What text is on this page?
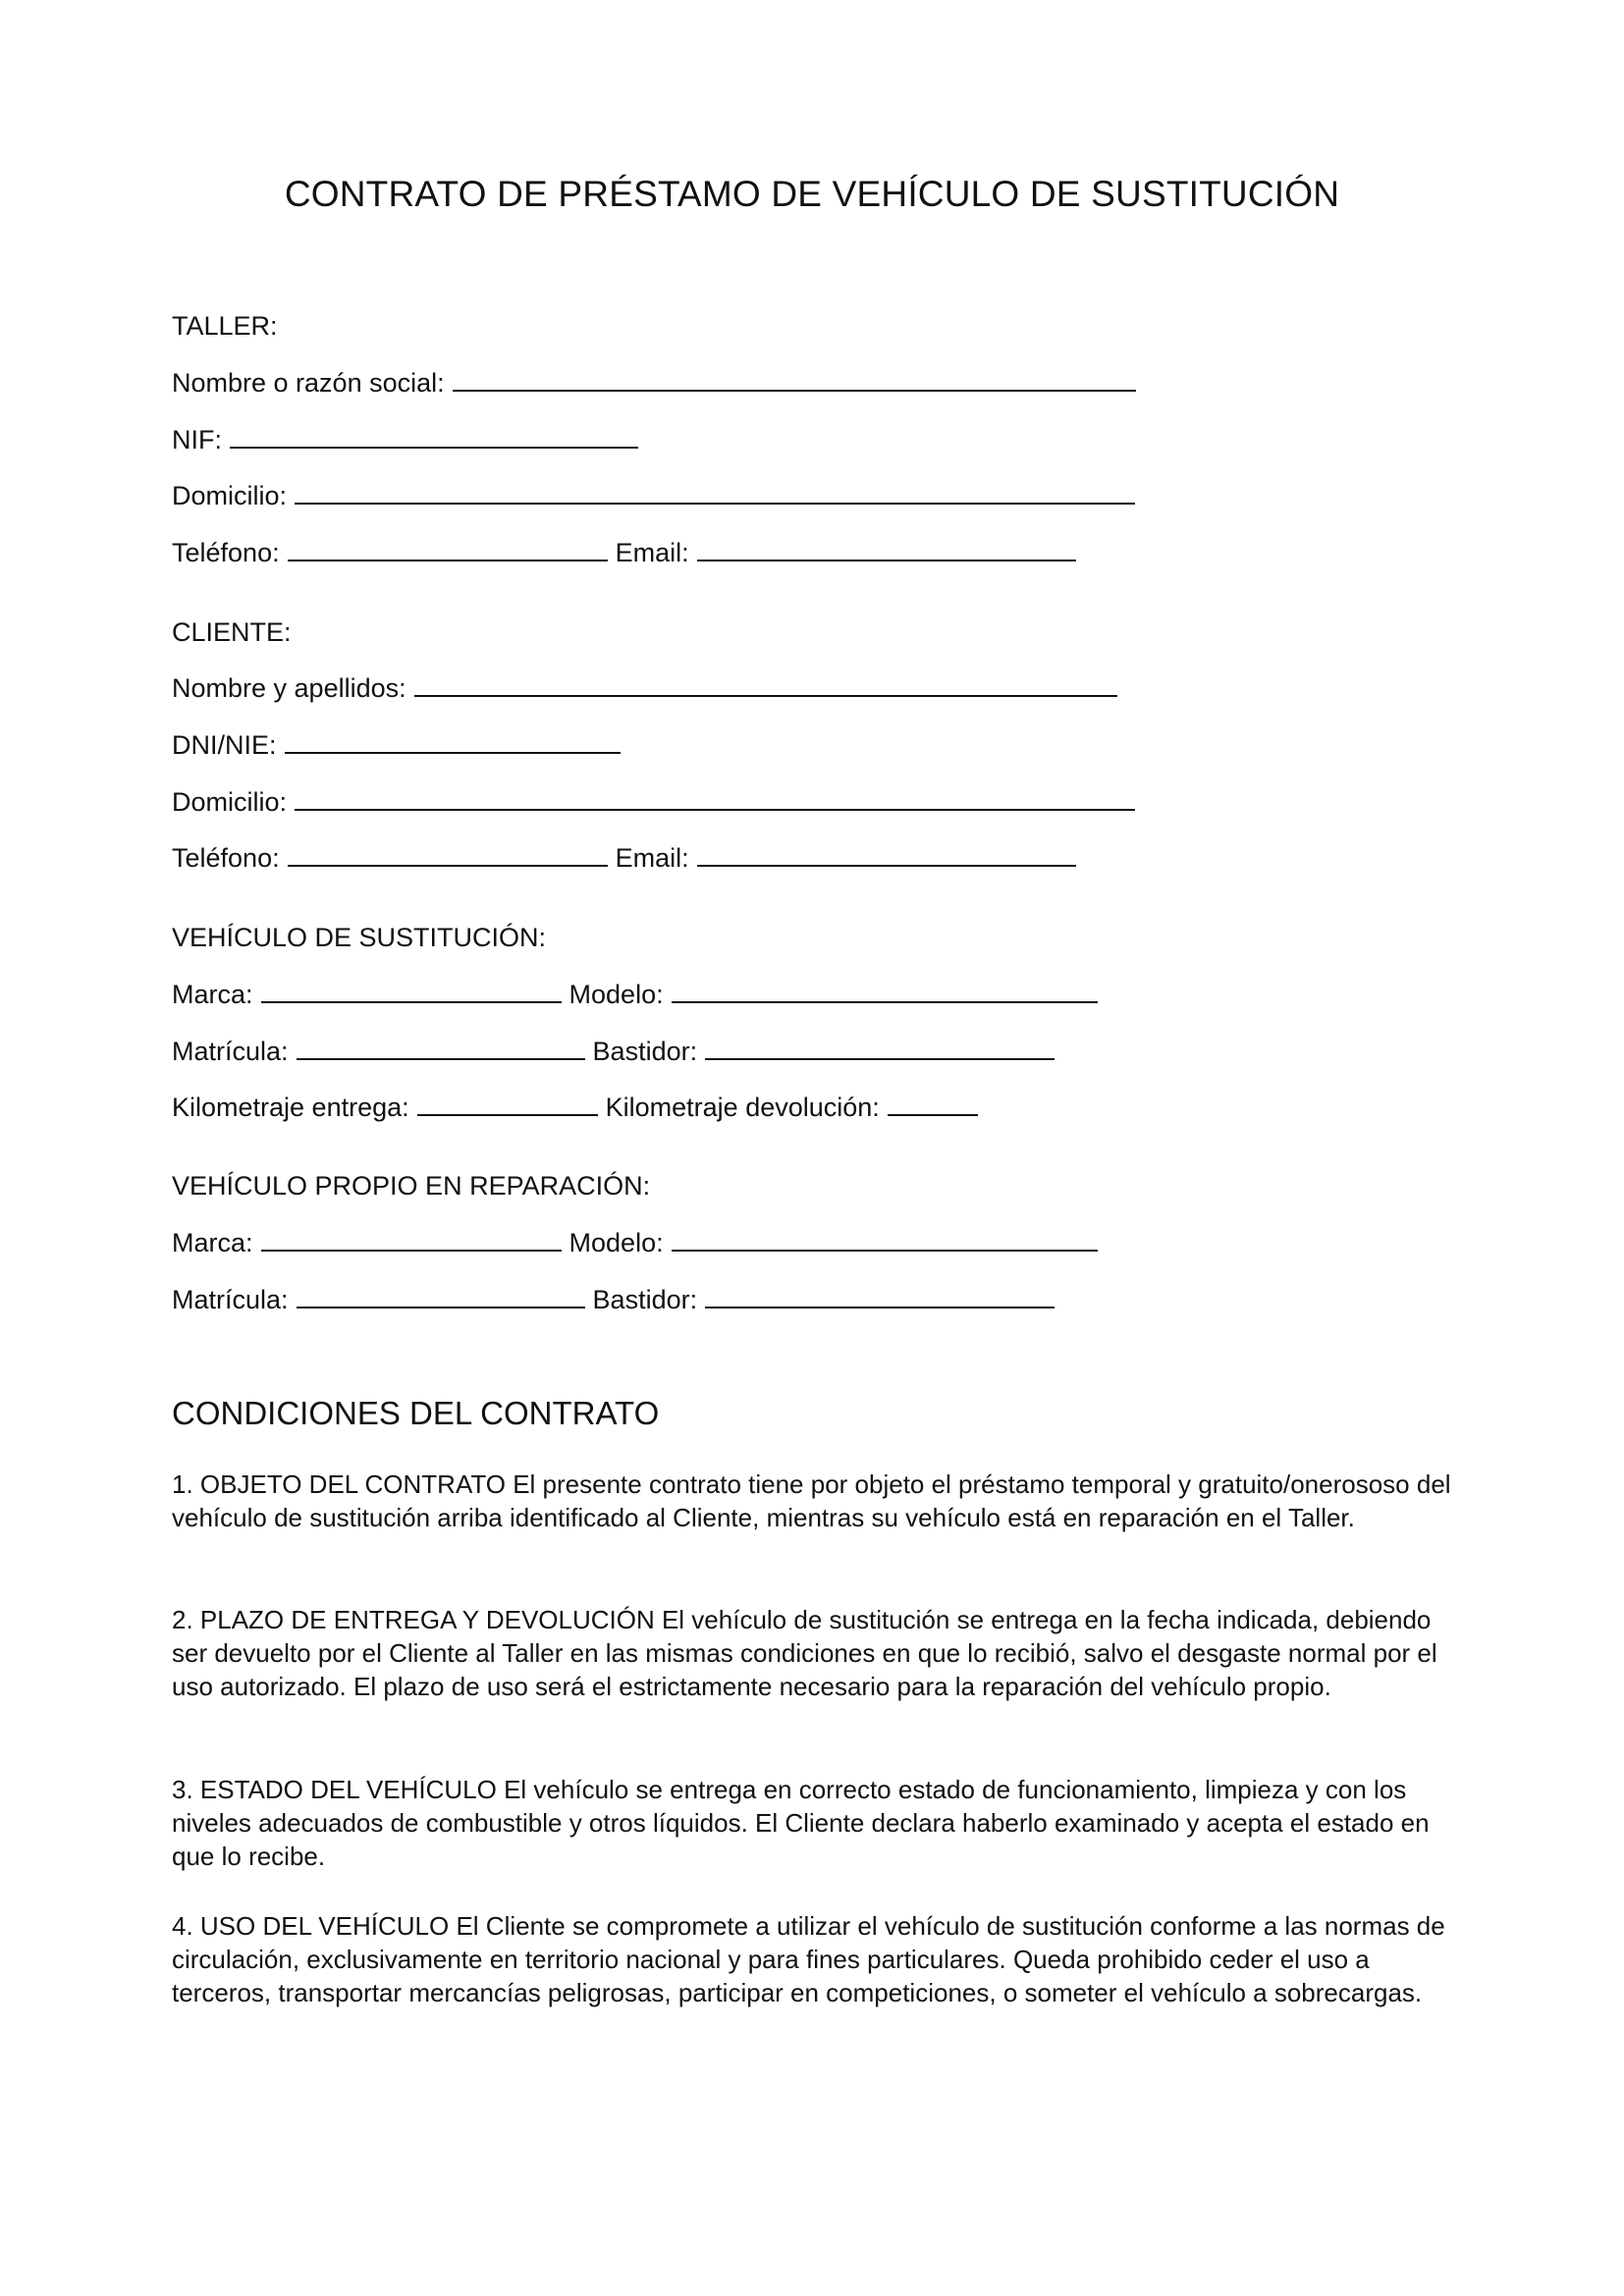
CONTRATO DE PRÉSTAMO DE VEHÍCULO DE SUSTITUCIÓN
TALLER:
Nombre o razón social:
NIF:
Domicilio:
Teléfono:	Email:
CLIENTE:
Nombre y apellidos:
DNI/NIE:
Domicilio:
Teléfono:	Email:
VEHÍCULO DE SUSTITUCIÓN:
Marca:	Modelo:
Matrícula:	Bastidor:
Kilometraje entrega:	Kilometraje devolución:
VEHÍCULO PROPIO EN REPARACIÓN:
Marca:	Modelo:
Matrícula:	Bastidor:
CONDICIONES DEL CONTRATO
1. OBJETO DEL CONTRATO El presente contrato tiene por objeto el préstamo temporal y gratuito/onerososo del vehículo de sustitución arriba identificado al Cliente, mientras su vehículo está en reparación en el Taller.
2. PLAZO DE ENTREGA Y DEVOLUCIÓN El vehículo de sustitución se entrega en la fecha indicada, debiendo ser devuelto por el Cliente al Taller en las mismas condiciones en que lo recibió, salvo el desgaste normal por el uso autorizado. El plazo de uso será el estrictamente necesario para la reparación del vehículo propio.
3. ESTADO DEL VEHÍCULO El vehículo se entrega en correcto estado de funcionamiento, limpieza y con los niveles adecuados de combustible y otros líquidos. El Cliente declara haberlo examinado y acepta el estado en que lo recibe.
4. USO DEL VEHÍCULO El Cliente se compromete a utilizar el vehículo de sustitución conforme a las normas de circulación, exclusivamente en territorio nacional y para fines particulares. Queda prohibido ceder el uso a terceros, transportar mercancías peligrosas, participar en competiciones, o someter el vehículo a sobrecargas.
